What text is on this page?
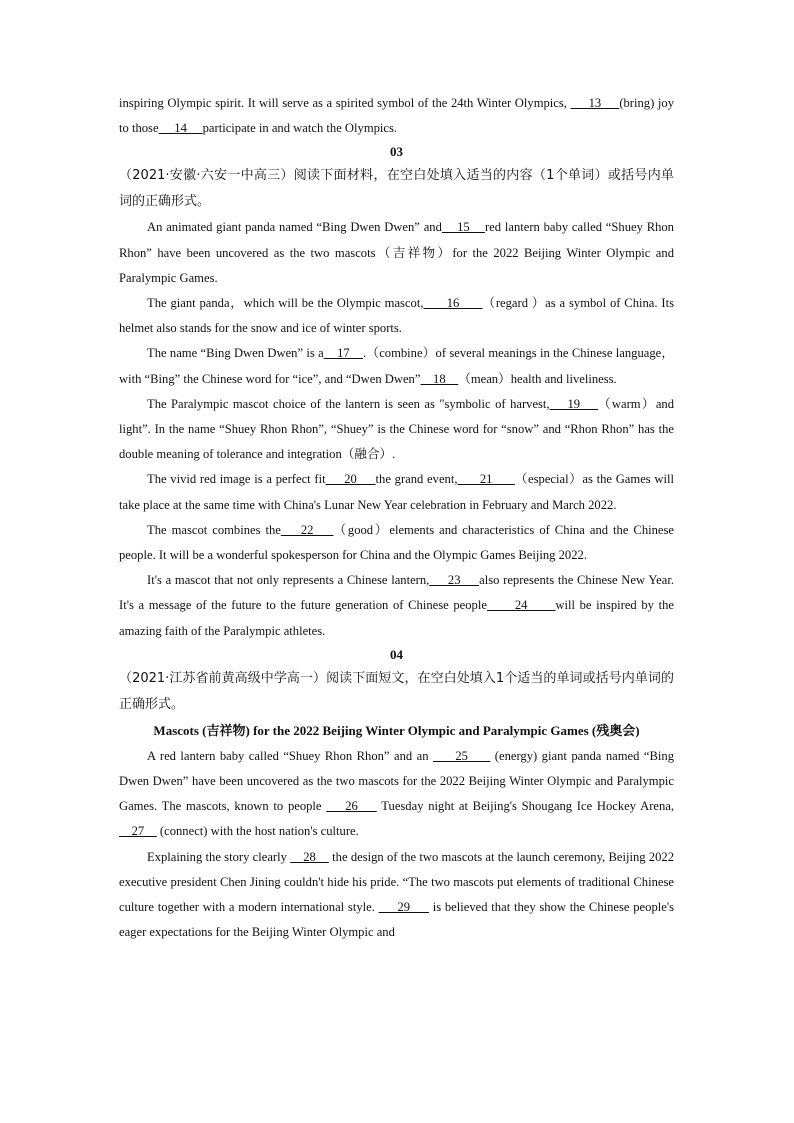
inspiring Olympic spirit. It will serve as a spirited symbol of the 24th Winter Olympics,      13     (bring) joy to those     14     participate in and watch the Olympics.

03

（2021·安徽·六安一中高三）阅读下面材料，在空白处填入适当的内容（1个单词）或括号内单词的正确形式。

An animated giant panda named “Bing Dwen Dwen” and    15    red lantern baby called “Shuey Rhon Rhon” have been uncovered as the two mascots（吉祥物）for the 2022 Beijing Winter Olympic and Paralympic Games.

The giant panda，which will be the Olympic mascot,      16      （regard ）as a symbol of China. Its helmet also stands for the snow and ice of winter sports.

The name “Bing Dwen Dwen” is a    17    .（combine）of several meanings in the Chinese language，with “Bing” the Chinese word for “ice”, and “Dwen Dwen”    18    （mean）health and liveliness.

The Paralympic mascot choice of the lantern is seen as "symbolic of harvest,    19    （warm）and light”. In the name “Shuey Rhon Rhon”, “Shuey” is the Chinese word for “snow” and “Rhon Rhon” has the double meaning of tolerance and integration（融合）.

The vivid red image is a perfect fit     20     the grand event,      21      （especial）as the Games will take place at the same time with China's Lunar New Year celebration in February and March 2022.

The mascot combines the    22    （good）elements and characteristics of China and the Chinese people. It will be a wonderful spokesperson for China and the Olympic Games Beijing 2022.

It's a mascot that not only represents a Chinese lantern,     23     also represents the Chinese New Year. It's a message of the future to the future generation of Chinese people      24      will be inspired by the amazing faith of the Paralympic athletes.

04

（2021·江苏省前黄高级中学高一）阅读下面短文，在空白处填入1个适当的单词或括号内单词的正确形式。

Mascots (吉祥物) for the 2022 Beijing Winter Olympic and Paralympic Games (残奥会)

A red lantern baby called “Shuey Rhon Rhon” and an      25      (energy) giant panda named “Bing Dwen Dwen” have been uncovered as the two mascots for the 2022 Beijing Winter Olympic and Paralympic Games. The mascots, known to people     26     Tuesday night at Beijing's Shougang Ice Hockey Arena,     27     (connect) with the host nation's culture.

Explaining the story clearly     28     the design of the two mascots at the launch ceremony, Beijing 2022 executive president Chen Jining couldn't hide his pride. “The two mascots put elements of traditional Chinese culture together with a modern international style.      29      is believed that they show the Chinese people's eager expectations for the Beijing Winter Olympic and
